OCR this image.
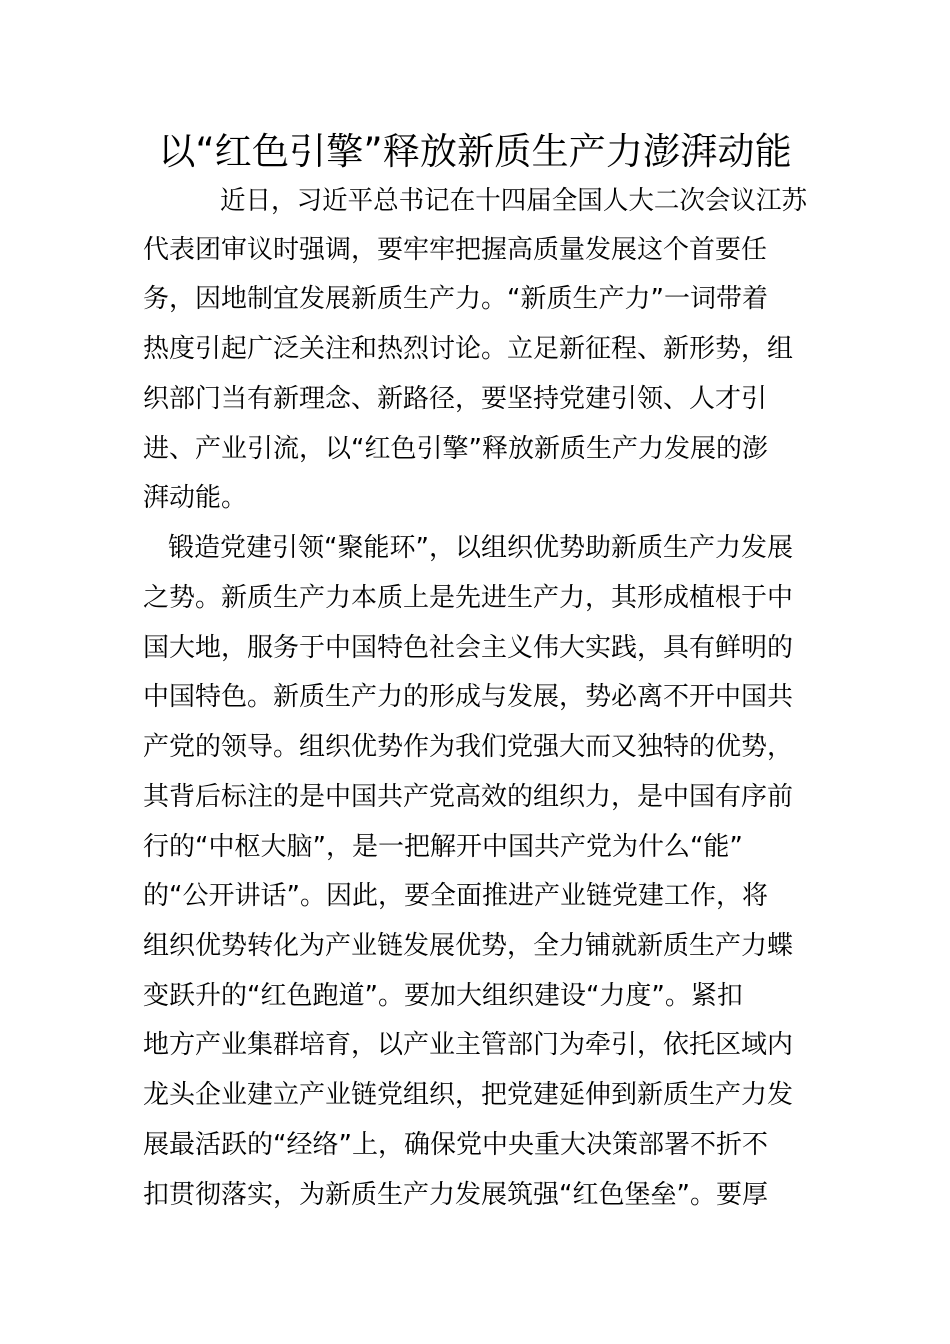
以“红色引擎”释放新质生产力澎湃动能

近日，习近平总书记在十四届全国人大二次会议江苏

代表团审议时强调，要牢牢把握高质量发展这个首要任

务，因地制宜发展新质生产力。“新质生产力”一词带着

热度引起广泛关注和热烈讨论。立足新征程、新形势，组

织部门当有新理念、新路径，要坚持党建引领、人才引

进、产业引流，以“红色引擎”释放新质生产力发展的澎

湃动能。

锻造党建引领“聚能环”，以组织优势助新质生产力发展

之势。新质生产力本质上是先进生产力，其形成植根于中

国大地，服务于中国特色社会主义伟大实践，具有鲜明的

中国特色。新质生产力的形成与发展，势必离不开中国共

产党的领导。组织优势作为我们党强大而又独特的优势，

其背后标注的是中国共产党高效的组织力，是中国有序前

行的“中枢大脑”，是一把解开中国共产党为什么“能”

的“公开讲话”。因此，要全面推进产业链党建工作，将

组织优势转化为产业链发展优势，全力铺就新质生产力蝶

变跃升的“红色跑道”。要加大组织建设“力度”。紧扣

地方产业集群培育，以产业主管部门为牵引，依托区域内

龙头企业建立产业链党组织，把党建延伸到新质生产力发

展最活跃的“经络”上，确保党中央重大决策部署不折不

扣贯彻落实，为新质生产力发展筑强“红色堡垒”。要厚
